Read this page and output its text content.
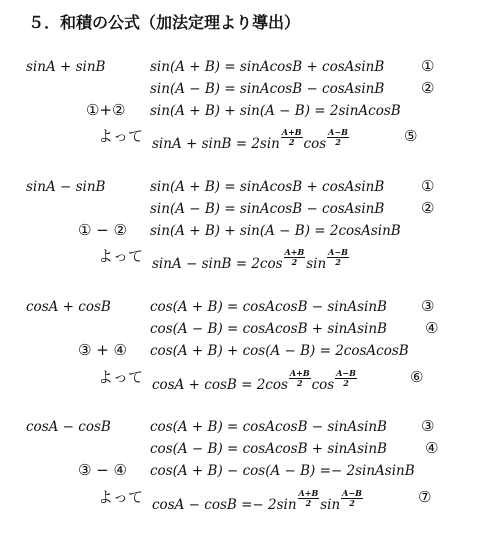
５．和積の公式（加法定理より導出）
sinA + sinB	sin(A + B) = sinAcosB + cosAsinB ①
sin(A − B) = sinAcosB − cosAsinB ②
①+② sin(A + B) + sin(A − B) = 2sinAcosB
よって $\sin A + \sin B = 2\sin \frac{A+B}{2}$ $\cos \frac{A-B}{2}$	⑤
sinA − sinB	sin(A + B) = sinAcosB + cosAsinB ①
sin(A − B) = sinAcosB − cosAsinB ②
① − ② sin(A + B) + sin(A − B) = 2cosAsinB
よって $\sin A - \sin B = 2\cos \frac{A+B}{2}$ $\sin \frac{A-B}{2}$
cosA + cosB	cos(A + B) = cosAcosB − sinAsinB ③
cos(A − B) = cosAcosB + sinAsinB	④
③ + ④ cos(A + B) + cos(A − B) = 2cosAcosB
よって $\cos A + \cos B = 2\cos \frac{A+B}{2}$ $\cos \frac{A-B}{2}$	⑥
cosA − cosB	cos(A + B) = cosAcosB − sinAsinB ③
cos(A − B) = cosAcosB + sinAsinB	④
③ − ④ cos(A + B) − cos(A − B) =− 2sinAsinB
よって $\cos A - \cos B =- 2\sin \frac{A+B}{2}$ $\sin \frac{A-B}{2}$	⑦
